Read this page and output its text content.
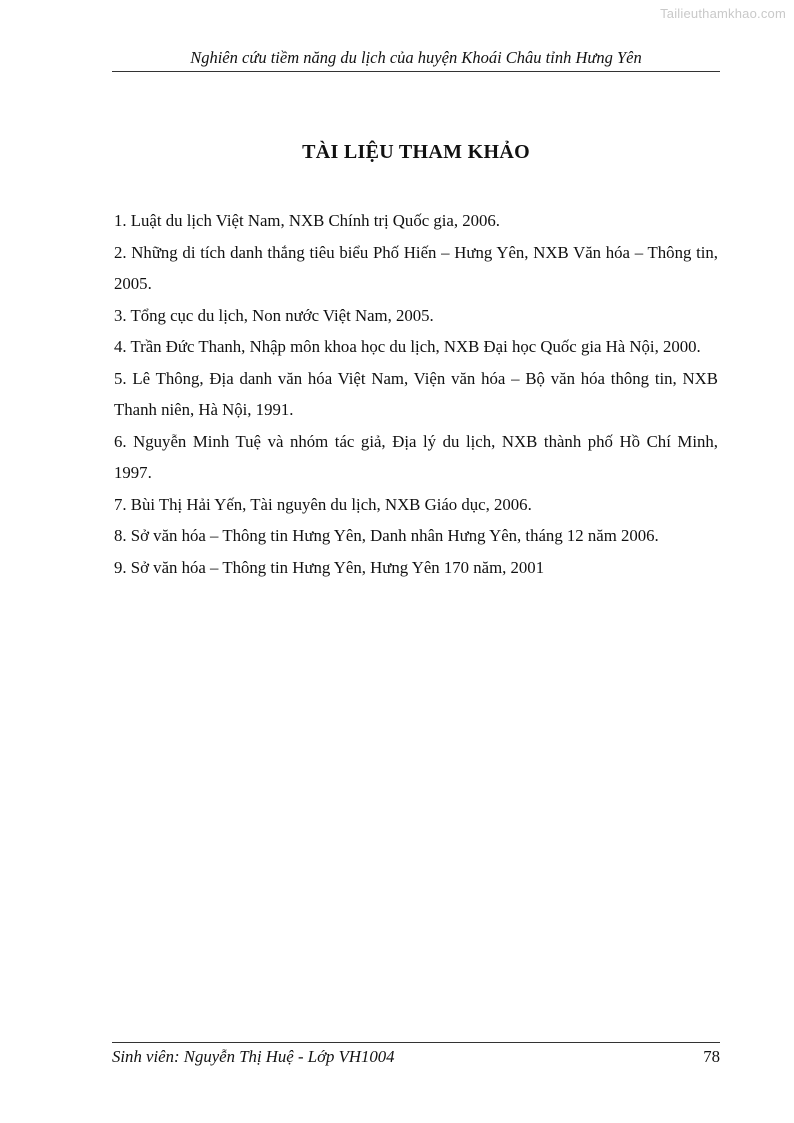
Tailieuthamkhao.com
Nghiên cứu tiềm năng du lịch của huyện Khoái Châu tỉnh Hưng Yên
TÀI LIỆU THAM KHẢO
1. Luật du lịch Việt Nam, NXB Chính trị Quốc gia, 2006.
2. Những di tích danh thắng tiêu biểu Phố Hiến – Hưng Yên, NXB Văn hóa – Thông tin, 2005.
3. Tổng cục du lịch, Non nước Việt Nam, 2005.
4. Trần Đức Thanh, Nhập môn khoa học du lịch, NXB Đại học Quốc gia Hà Nội, 2000.
5. Lê Thông, Địa danh văn hóa Việt Nam, Viện văn hóa – Bộ văn hóa thông tin, NXB Thanh niên, Hà Nội, 1991.
6. Nguyễn Minh Tuệ và nhóm tác giả, Địa lý du lịch, NXB thành phố Hồ Chí Minh, 1997.
7. Bùi Thị Hải Yến, Tài nguyên du lịch, NXB Giáo dục, 2006.
8. Sở văn hóa – Thông tin Hưng Yên, Danh nhân Hưng Yên, tháng 12 năm 2006.
9. Sở văn hóa – Thông tin Hưng Yên, Hưng Yên 170 năm, 2001
Sinh viên: Nguyễn Thị Huệ - Lớp VH1004	78
